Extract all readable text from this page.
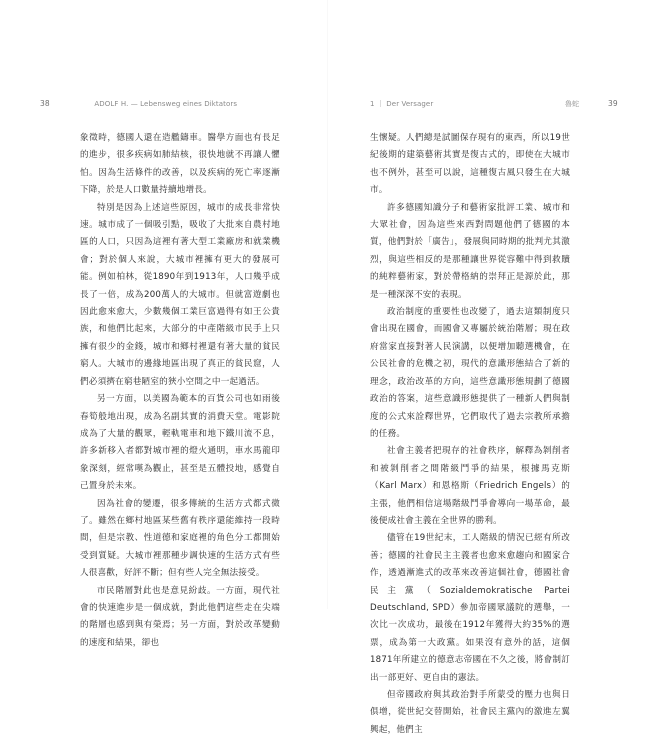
38	ADOLF H. — Lebensweg eines Diktators	1 ｜ Der Versager	魯蛇	39

象徵時，德國人還在造艦鑄車。醫學方面也有長足的進步，很多疾病如肺結核，很快地就不再讓人懼怕。因為生活條件的改善，以及疾病的死亡率逐漸下降，於是人口數量持續地增長。

特別是因為上述這些原因，城市的成長非常快速。城市成了一個吸引點，吸收了大批來自農村地區的人口，只因為這裡有著大型工業廠房和就業機會；對於個人來說，大城市裡擁有更大的發展可能。例如柏林，從1890年到1913年，人口幾乎成長了一倍，成為200萬人的大城市。但就富遊劇也因此愈來愈大，少數幾個工業巨富過得有如王公貴族，和他們比起來，大部分的中產階級市民手上只擁有很少的金錢，城市和鄉村裡還有著大量的貧民窮人。大城市的邊緣地區出現了真正的貧民窟，人們必須擠在窮巷陋室的狹小空間之中一起過活。

另一方面，以美國為範本的百貨公司也如雨後春筍般地出現，成為名副其實的消費天堂。電影院成為了大量的觀眾，輕軌電車和地下鐵川流不息，許多新移入者都對城市裡的燈火通明，車水馬龍印象深刻，經常嘆為觀止，甚至是五體投地，感覺自己置身於未來。

因為社會的變遷，很多傳統的生活方式都式微了。雖然在鄉村地區某些舊有秩序還能維持一段時間，但是宗教、性道德和家庭裡的角色分工都開始受到質疑。大城市裡那種步調快速的生活方式有些人很喜歡，好評不斷；但有些人完全無法接受。

市民階層對此也是意見紛歧。一方面，現代社會的快速進步是一個成就，對此他們這些走在尖端的階層也感到與有榮焉；另一方面，對於改革變動的速度和結果，卻也

生懷疑。人們總是試圖保存現有的東西，所以19世紀後期的建築藝術其實是復古式的，即使在大城市也不例外，甚至可以說，這種復古風只發生在大城市。

許多德國知識分子和藝術家批評工業、城市和大眾社會，因為這些來西對問題他們了德國的本質，他們對於「廣告」，發展與同時期的批判尤其激烈，與這些相反的是那種讓世界從容難中得到救贖的純粹藝術家，對於帶格納的崇拜正是源於此，那是一種深深不安的表現。

政治制度的重要性也改變了，過去這類制度只會出現在國會，而國會又專屬於統治階層；現在政府當家直接對著人民演講，以便增加聽選機會，在公民社會的危機之初，現代的意識形態結合了新的理念，政治改革的方向，這些意識形態規劃了德國政治的答案，這些意識形態提供了一種新人們與制度的公式來詮釋世界，它們取代了過去宗教所承擔的任務。

社會主義者把現存的社會秩序，解釋為剝削者和被剝削者之間階級鬥爭的結果，根據馬克斯（Karl Marx）和恩格斯（Friedrich Engels）的主張，他們相信這場階級鬥爭會導向一場革命，最後便成社會主義在全世界的勝利。

儘管在19世紀末，工人階級的情況已經有所改善；德國的社會民主主義者也愈來愈趨向和國家合作，透過漸進式的改革來改善這個社會，德國社會民主黨（Sozialdemokratische Partei Deutschland, SPD）參加帝國眾議院的選舉，一次比一次成功，最後在1912年獲得大約35%的選票，成為第一大政黨。如果沒有意外的話，這個1871年所建立的德意志帝國在不久之後，將會制訂出一部更好、更自由的憲法。

但帝國政府與其政治對手所蒙受的壓力也與日俱增，從世紀交替開始，社會民主黨內的激進左翼興起，他們主
